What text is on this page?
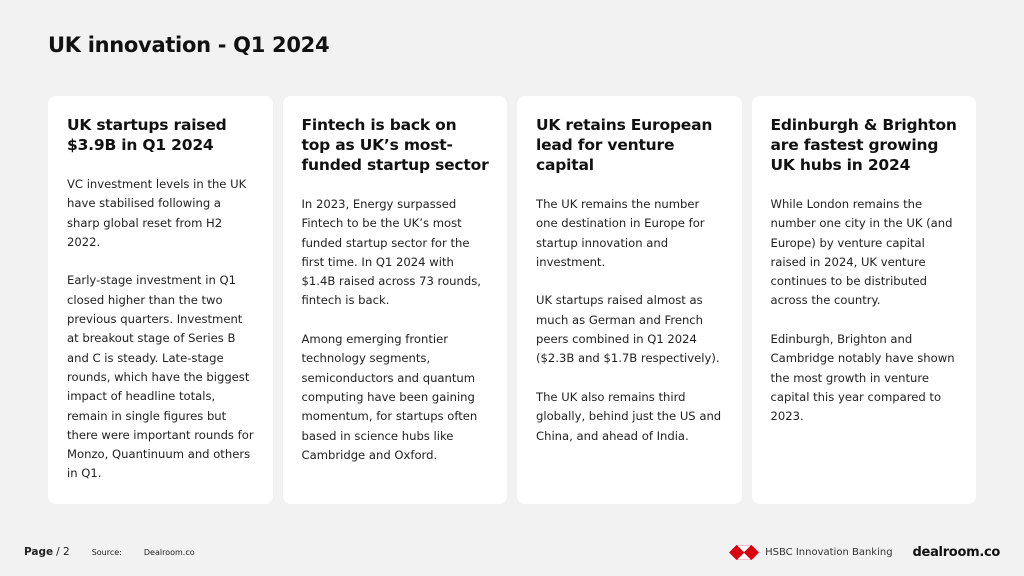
UK innovation - Q1 2024
UK startups raised $3.9B in Q1 2024

VC investment levels in the UK have stabilised following a sharp global reset from H2 2022.

Early-stage investment in Q1 closed higher than the two previous quarters. Investment at breakout stage of Series B and C is steady. Late-stage rounds, which have the biggest impact of headline totals, remain in single figures but there were important rounds for Monzo, Quantinuum and others in Q1.

Fintech is back on top as UK’s most-funded startup sector

In 2023, Energy surpassed Fintech to be the UK’s most funded startup sector for the first time. In Q1 2024 with $1.4B raised across 73 rounds, fintech is back.

Among emerging frontier technology segments, semiconductors and quantum computing have been gaining momentum, for startups often based in science hubs like Cambridge and Oxford.

UK retains European lead for venture capital

The UK remains the number one destination in Europe for startup innovation and investment.

UK startups raised almost as much as German and French peers combined in Q1 2024 ($2.3B and $1.7B respectively).

The UK also remains third globally, behind just the US and China, and ahead of India.

Edinburgh & Brighton are fastest growing UK hubs in 2024

While London remains the number one city in the UK (and Europe) by venture capital raised in 2024, UK venture continues to be distributed across the country.

Edinburgh, Brighton and Cambridge notably have shown the most growth in venture capital this year compared to 2023.

Page / 2	Source:	Dealroom.co	HSBC Innovation Banking dealroom.co
